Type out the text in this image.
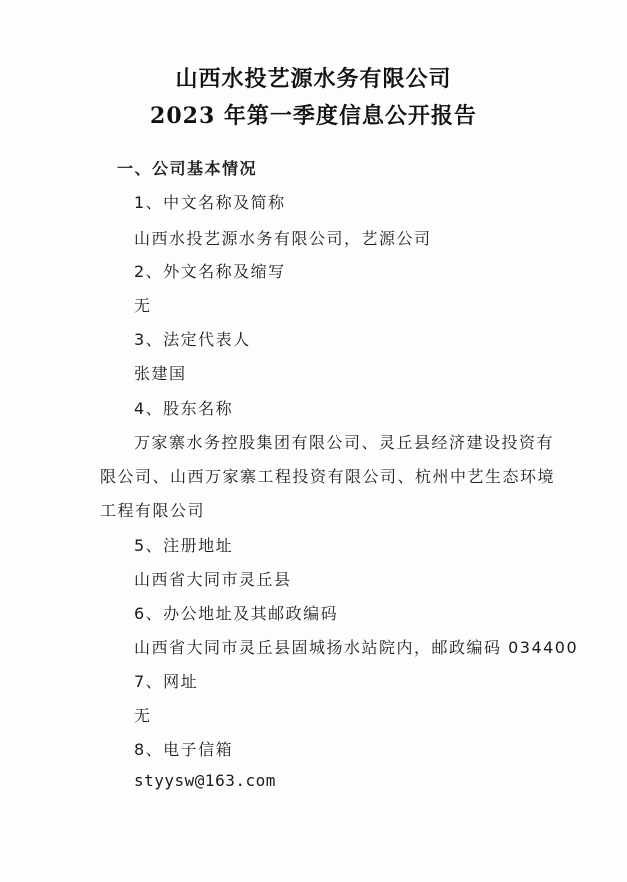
山西水投艺源水务有限公司
2023 年第一季度信息公开报告
一、公司基本情况
1、中文名称及简称
山西水投艺源水务有限公司，艺源公司
2、外文名称及缩写
无
3、法定代表人
张建国
4、股东名称
万家寨水务控股集团有限公司、灵丘县经济建设投资有
限公司、山西万家寨工程投资有限公司、杭州中艺生态环境
工程有限公司
5、注册地址
山西省大同市灵丘县
6、办公地址及其邮政编码
山西省大同市灵丘县固城扬水站院内，邮政编码 034400
7、网址
无
8、电子信箱
styysw@163.com
